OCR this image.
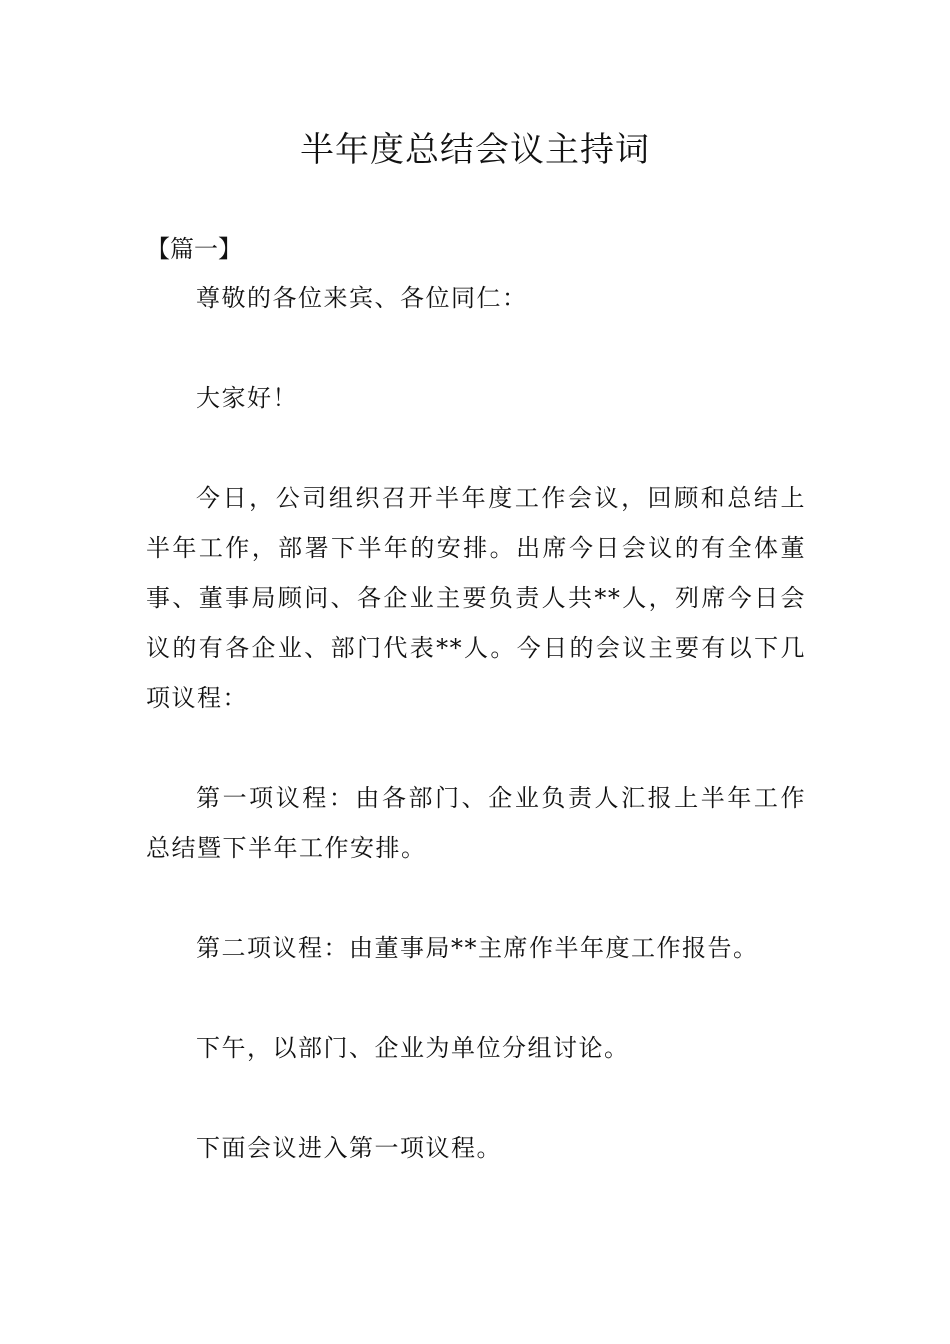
半年度总结会议主持词

【篇一】

尊敬的各位来宾、各位同仁：

大家好！

今日，公司组织召开半年度工作会议，回顾和总结上半年工作，部署下半年的安排。出席今日会议的有全体董事、董事局顾问、各企业主要负责人共**人，列席今日会议的有各企业、部门代表**人。今日的会议主要有以下几项议程：

第一项议程：由各部门、企业负责人汇报上半年工作总结暨下半年工作安排。

第二项议程：由董事局**主席作半年度工作报告。

下午，以部门、企业为单位分组讨论。

下面会议进入第一项议程。
